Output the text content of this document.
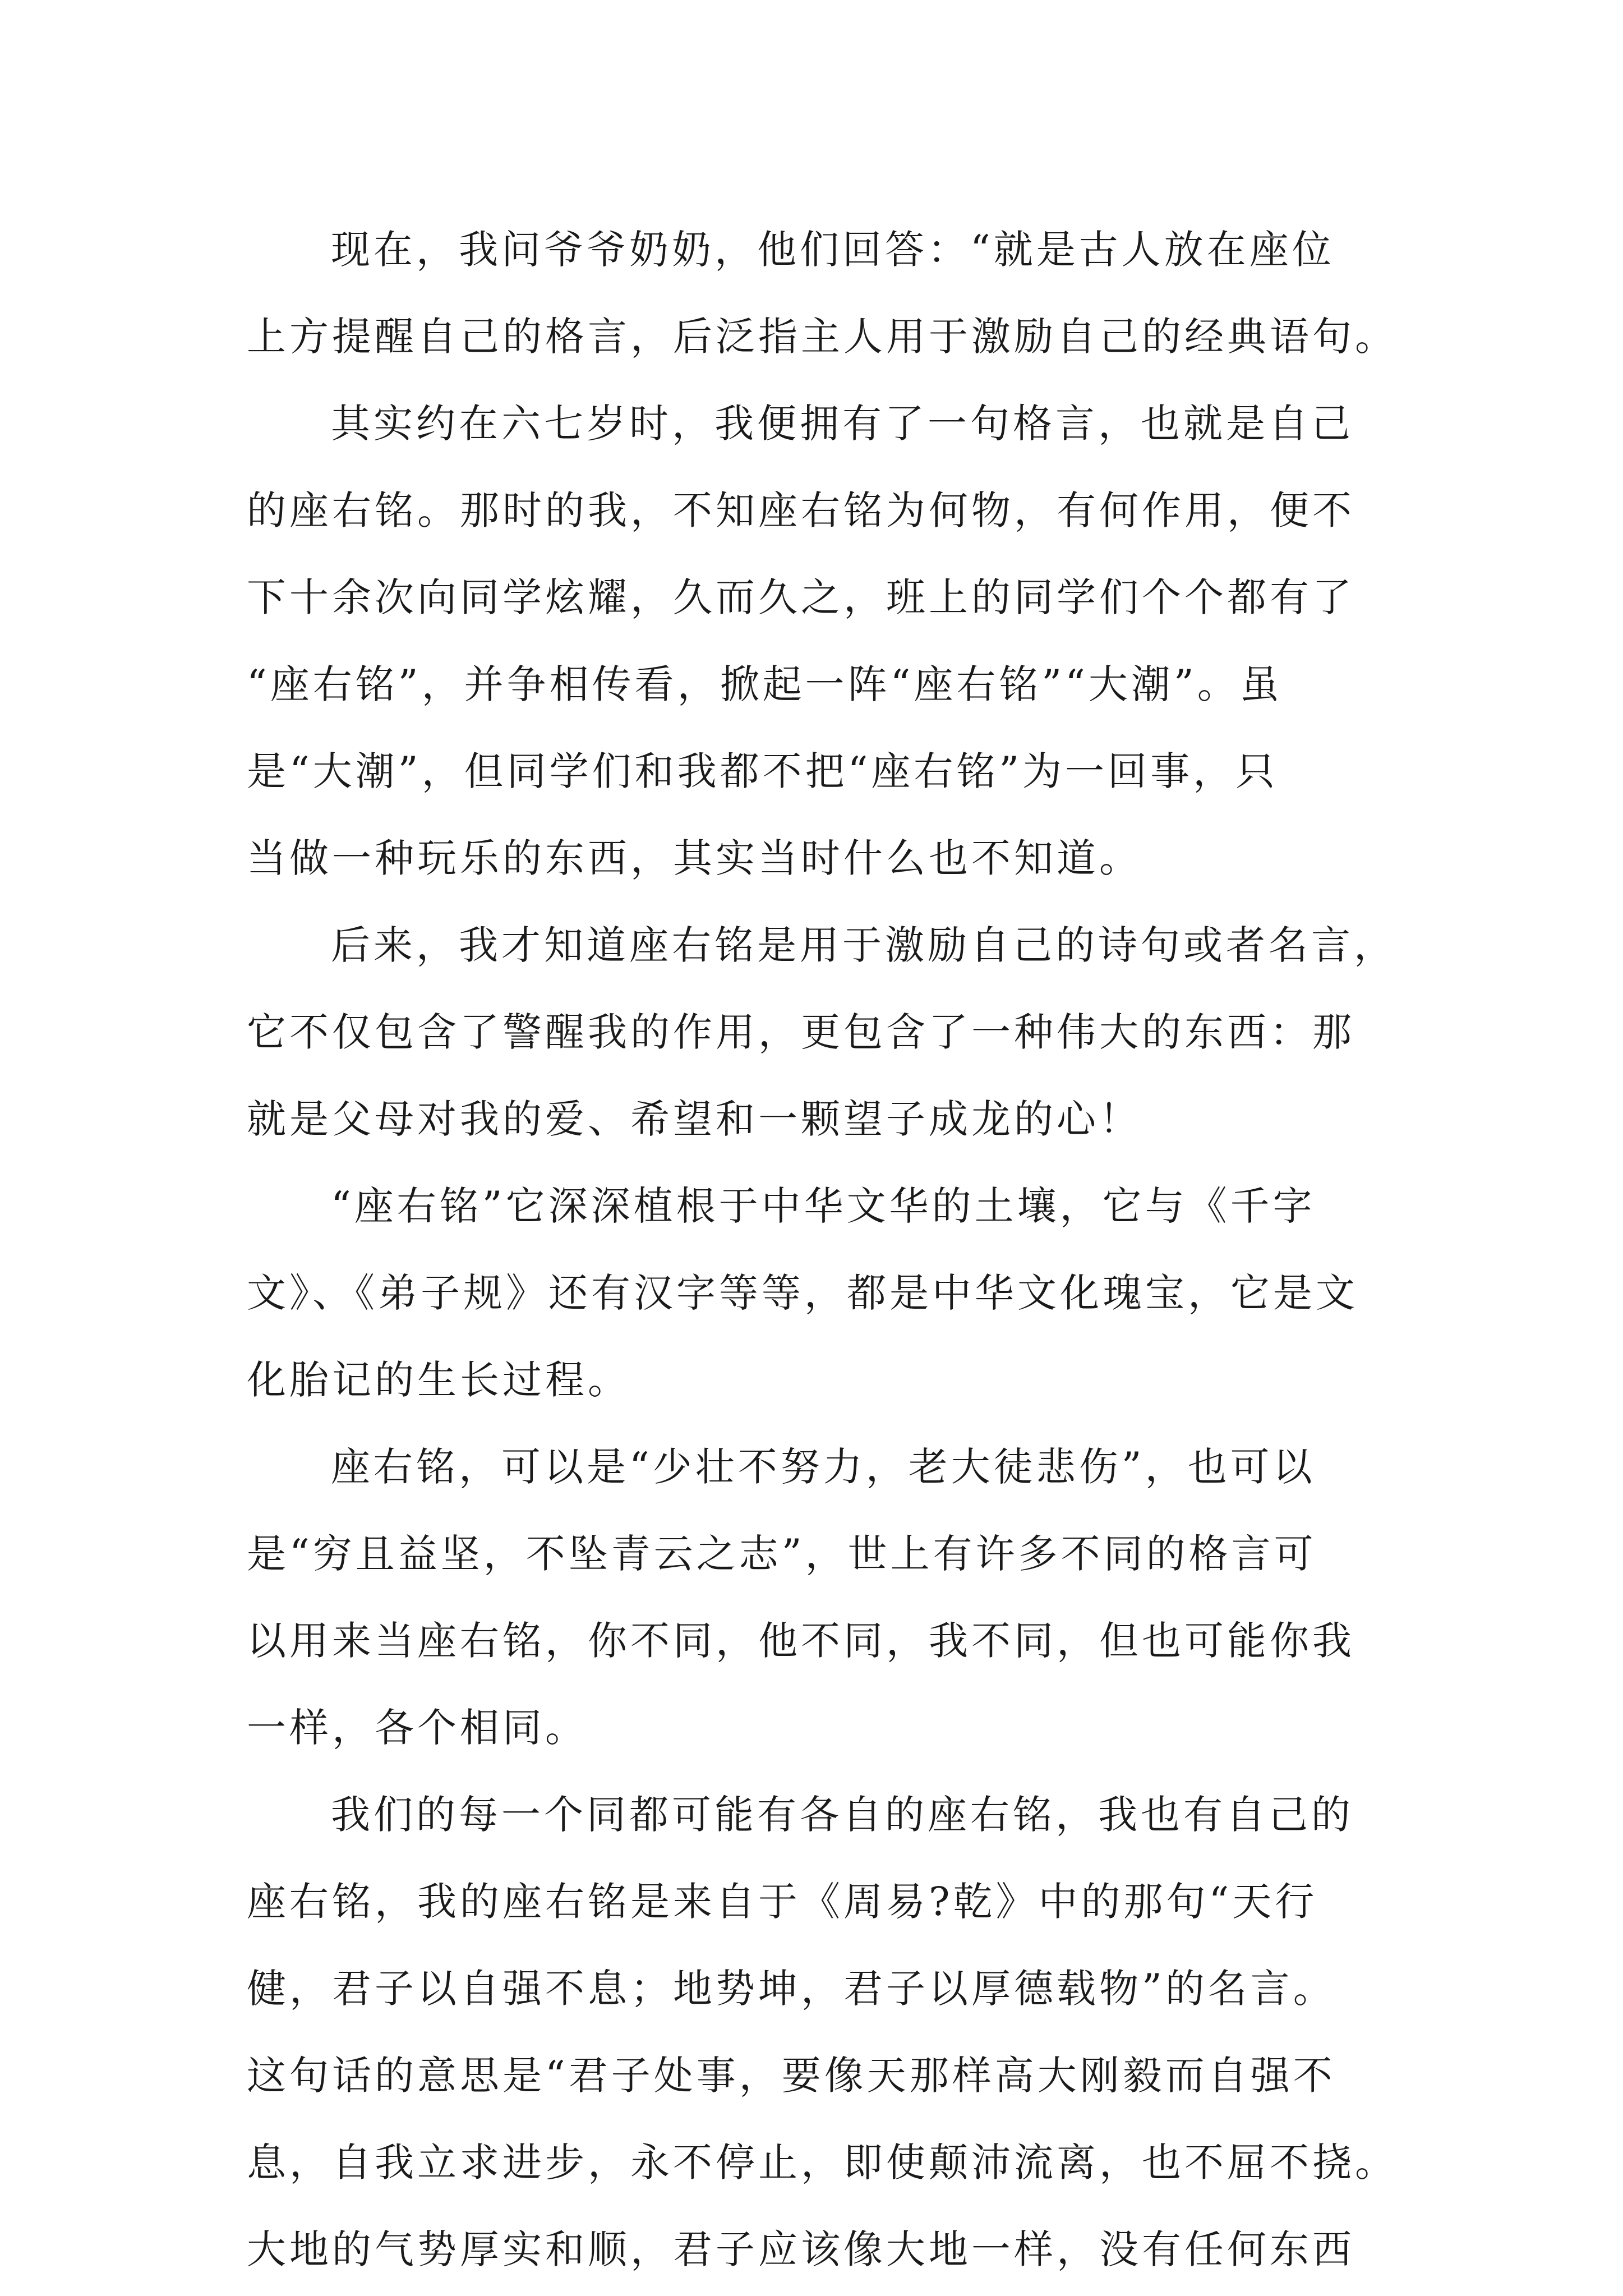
现在，我问爷爷奶奶，他们回答：“就是古人放在座位
上方提醒自己的格言，后泛指主人用于激励自己的经典语句。
其实约在六七岁时，我便拥有了一句格言，也就是自己
的座右铭。那时的我，不知座右铭为何物，有何作用，便不
下十余次向同学炫耀，久而久之，班上的同学们个个都有了
“座右铭”，并争相传看，掀起一阵“座右铭”“大潮”。虽
是“大潮”，但同学们和我都不把“座右铭”为一回事，只
当做一种玩乐的东西，其实当时什么也不知道。
后来，我才知道座右铭是用于激励自己的诗句或者名言，
它不仅包含了警醒我的作用，更包含了一种伟大的东西：那
就是父母对我的爱、希望和一颗望子成龙的心！
“座右铭”它深深植根于中华文华的土壤，它与《千字
文》、《弟子规》还有汉字等等，都是中华文化瑰宝，它是文
化胎记的生长过程。
座右铭，可以是“少壮不努力，老大徒悲伤”，也可以
是“穷且益坚，不坠青云之志”，世上有许多不同的格言可
以用来当座右铭，你不同，他不同，我不同，但也可能你我
一样，各个相同。
我们的每一个同都可能有各自的座右铭，我也有自己的
座右铭，我的座右铭是来自于《周易?乾》中的那句“天行
健，君子以自强不息；地势坤，君子以厚德载物”的名言。
这句话的意思是“君子处事，要像天那样高大刚毅而自强不
息，自我立求进步，永不停止，即使颠沛流离，也不屈不挠。
大地的气势厚实和顺，君子应该像大地一样，没有任何东西
